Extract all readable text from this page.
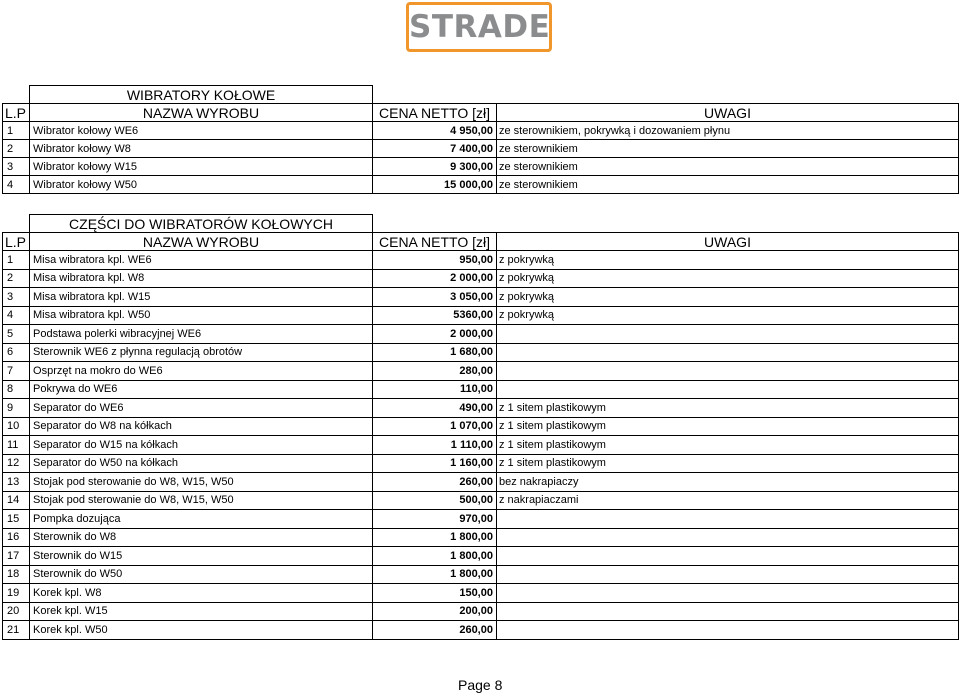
STRADE
	WIBRATORY KOŁOWE		
L.P	NAZWA WYROBU	CENA NETTO [zł]	UWAGI
1	Wibrator kołowy WE6	4 950,00	ze sterownikiem, pokrywką i dozowaniem płynu
2	Wibrator kołowy W8	7 400,00	ze sterownikiem
3	Wibrator kołowy W15	9 300,00	ze sterownikiem
4	Wibrator kołowy W50	15 000,00	ze sterownikiem
	CZĘŚCI DO WIBRATORÓW KOŁOWYCH		
L.P	NAZWA WYROBU	CENA NETTO [zł]	UWAGI
1	Misa wibratora kpl. WE6	950,00	z pokrywką
2	Misa wibratora kpl. W8	2 000,00	z pokrywką
3	Misa wibratora kpl. W15	3 050,00	z pokrywką
4	Misa wibratora kpl. W50	5360,00	z pokrywką
5	Podstawa polerki wibracyjnej WE6	2 000,00	
6	Sterownik WE6 z płynna regulacją obrotów	1 680,00	
7	Osprzęt na mokro do WE6	280,00	
8	Pokrywa do WE6	110,00	
9	Separator do WE6	490,00	z 1 sitem plastikowym
10	Separator do W8 na kółkach	1 070,00	z 1 sitem plastikowym
11	Separator do W15 na kółkach	1 110,00	z 1 sitem plastikowym
12	Separator do W50 na kółkach	1 160,00	z 1 sitem plastikowym
13	Stojak pod sterowanie do W8, W15, W50	260,00	bez nakrapiaczy
14	Stojak pod sterowanie do W8, W15, W50	500,00	z nakrapiaczami
15	Pompka dozująca	970,00	
16	Sterownik do W8	1 800,00	
17	Sterownik do W15	1 800,00	
18	Sterownik do W50	1 800,00	
19	Korek kpl. W8	150,00	
20	Korek kpl. W15	200,00	
21	Korek kpl. W50	260,00	
Page 8
